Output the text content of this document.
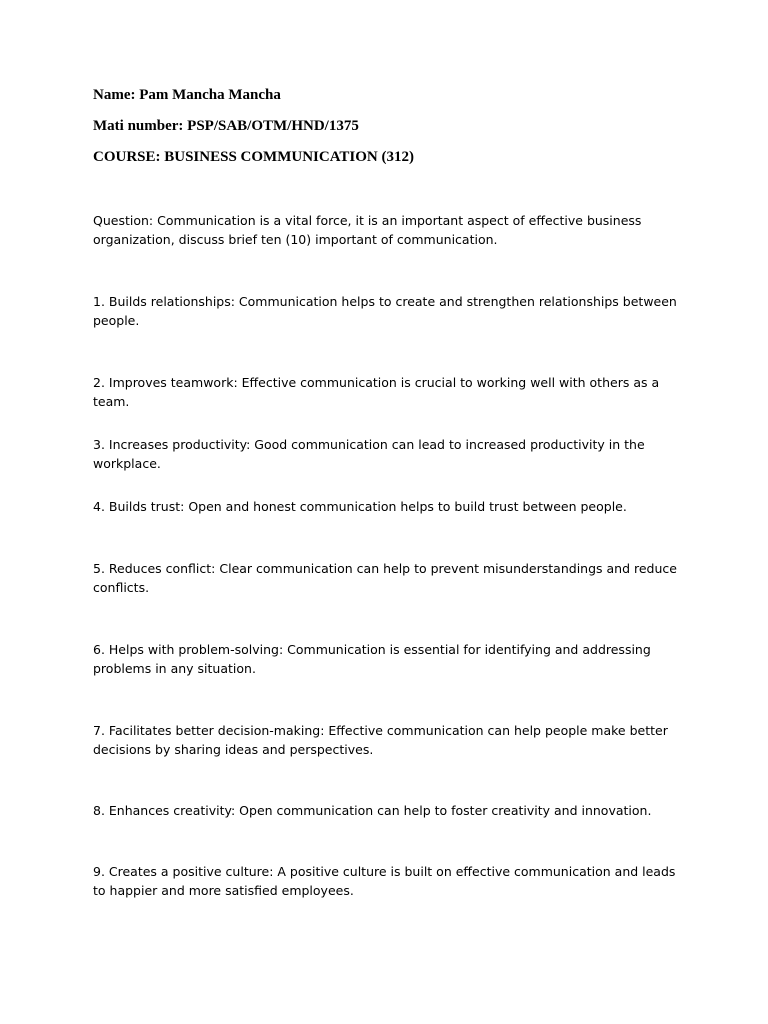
Name: Pam Mancha Mancha
Mati number: PSP/SAB/OTM/HND/1375
COURSE: BUSINESS COMMUNICATION (312)
Question: Communication is a vital force, it is an important aspect of effective business organization, discuss brief ten (10) important of communication.
1. Builds relationships: Communication helps to create and strengthen relationships between people.
2. Improves teamwork: Effective communication is crucial to working well with others as a team.
3. Increases productivity: Good communication can lead to increased productivity in the workplace.
4. Builds trust: Open and honest communication helps to build trust between people.
5. Reduces conflict: Clear communication can help to prevent misunderstandings and reduce conflicts.
6. Helps with problem-solving: Communication is essential for identifying and addressing problems in any situation.
7. Facilitates better decision-making: Effective communication can help people make better decisions by sharing ideas and perspectives.
8. Enhances creativity: Open communication can help to foster creativity and innovation.
9. Creates a positive culture: A positive culture is built on effective communication and leads to happier and more satisfied employees.
